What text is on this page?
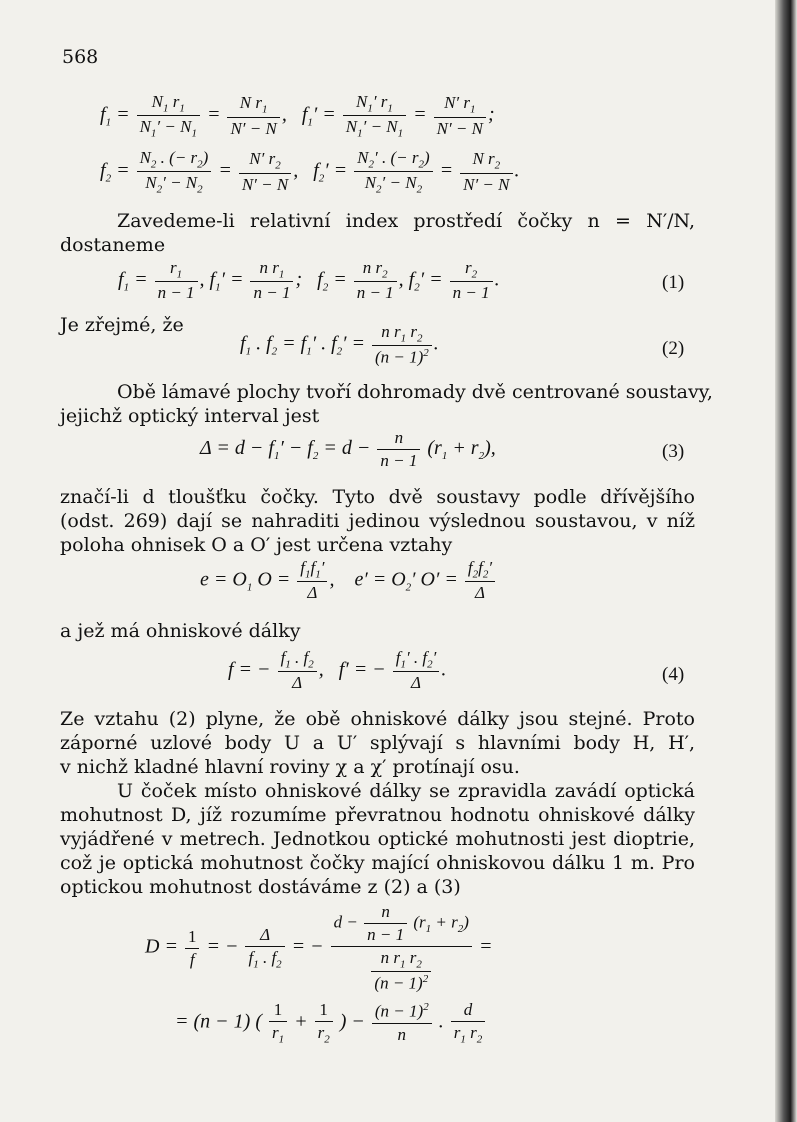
568
$f_1 = \frac{N_1 r_1}{N_1' - N_1} = \frac{N r_1}{N' - N}$ ,   $f_1' = \frac{N_1' r_1}{N_1' - N_1} = \frac{N' r_1}{N' - N}$ ;
$f_2 = \frac{N_2 . (- r_2)}{N_2' - N_2} = \frac{N' r_2}{N' - N}$ ,   $f_2' = \frac{N_2' . (- r_2)}{N_2' - N_2} = \frac{N r_2}{N' - N}$ .
Zavedeme-li relativní index prostředí čočky n = N′/N,
dostaneme
$f_1 = \frac{r_1}{n - 1}$ , $f_1' = \frac{n r_1}{n - 1}$ ;   $f_2 = \frac{n r_2}{n - 1}$ , $f_2' = \frac{r_2}{n - 1}$ .	(1)
Je zřejmé, že
$f_1$ . $f_2 = f_1'$ . $f_2' = \frac{n r_1 r_2}{(n - 1)^2}$ .	(2)
Obě lámavé plochy tvoří dohromady dvě centrované soustavy,
jejichž optický interval jest
$\Delta = d - f_1' - f_2 = d - \frac{n}{n - 1} (r_1 + r_2)$,	(3)
značí-li d tloušťku čočky. Tyto dvě soustavy podle dřívějšího
(odst. 269) dají se nahraditi jedinou výslednou soustavou, v níž
poloha ohnisek O a O′ jest určena vztahy
$e = O_1$ $O = \frac{f_1f_1'}{\Delta}$ ,    $e' = O_2'$ $O' = \frac{f_2f_2'}{\Delta}$
a jež má ohniskové dálky
f = − $\frac{f_1 . f_2}{\Delta}$ ,   f′ = − $\frac{f_1' . f_2'}{\Delta}$ .	(4)
Ze vztahu (2) plyne, že obě ohniskové dálky jsou stejné. Proto
záporné uzlové body U a U′ splývají s hlavními body H, H′,
v nichž kladné hlavní roviny χ a χ′ protínají osu.
U čoček místo ohniskové dálky se zpravidla zavádí optická
mohutnost D, jíž rozumíme převratnou hodnotu ohniskové dálky
vyjádřené v metrech. Jednotkou optické mohutnosti jest dioptrie,
což je optická mohutnost čočky mající ohniskovou dálku 1 m. Pro
optickou mohutnost dostáváme z (2) a (3)
$D = \frac{1}{f}$ = − $\frac{\Delta}{f_1 . f_2}$ = − $\frac{d - \frac{n}{n - 1} (r_1 + r_2)}{\frac{n r_1 r_2}{(n - 1)^2}}$ =
= (n − 1) ( $\frac{1}{r_1} + \frac{1}{r_2}$ ) − $\frac{(n - 1)^2}{n}$ . $\frac{d}{r_1 r_2}$
